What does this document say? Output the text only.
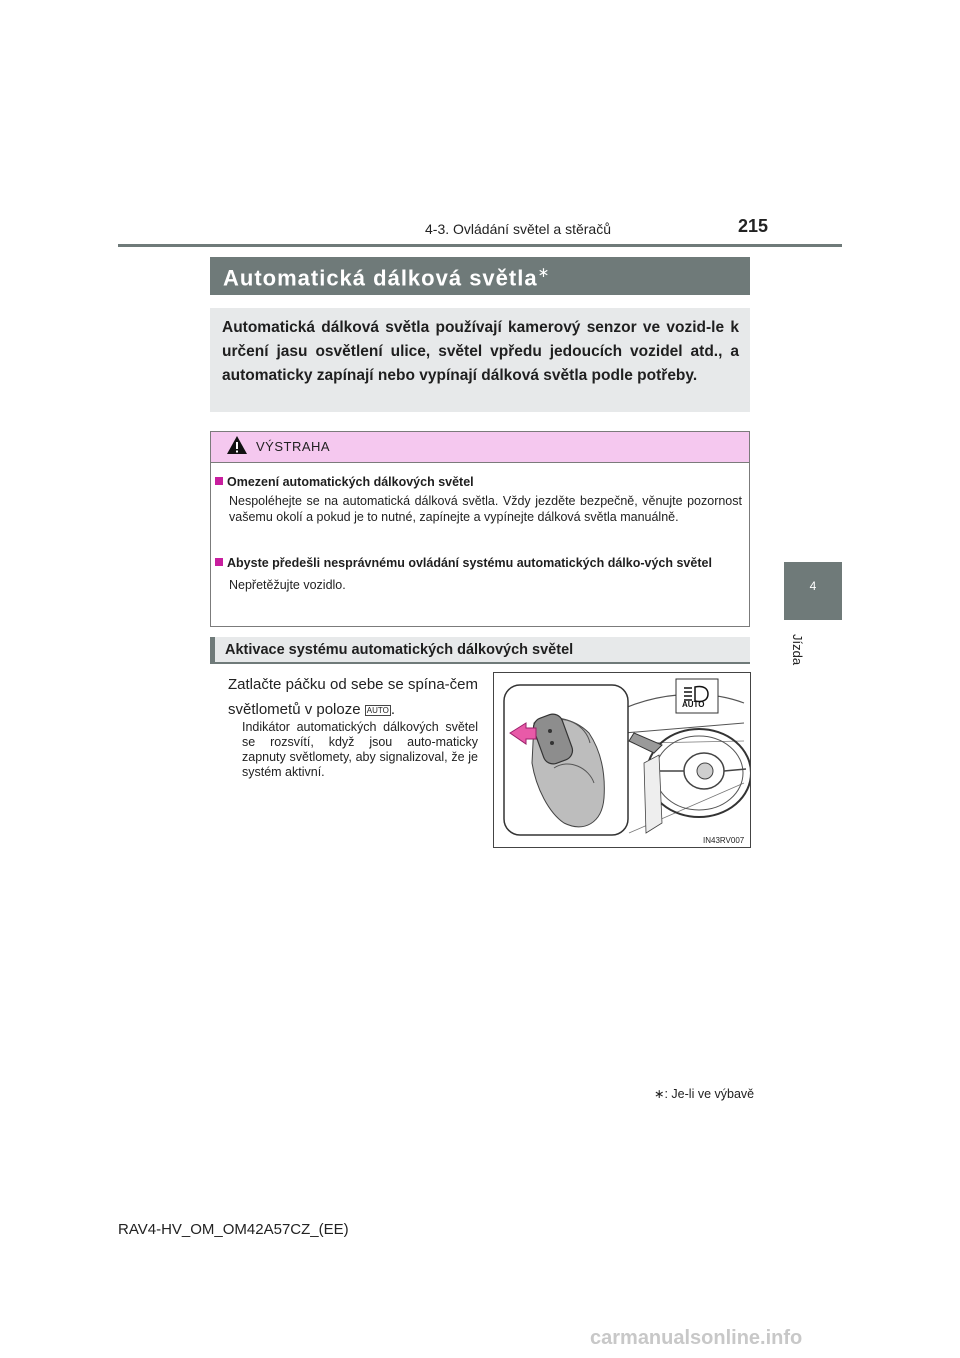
4-3. Ovládání světel a stěračů	215
4
Jízda
Automatická dálková světla∗
Automatická dálková světla používají kamerový senzor ve vozid-le k určení jasu osvětlení ulice, světel vpředu jedoucích vozidel atd., a automaticky zapínají nebo vypínají dálková světla podle potřeby.
VÝSTRAHA
Omezení automatických dálkových světel
Nespoléhejte se na automatická dálková světla. Vždy jezděte bezpečně, věnujte pozornost vašemu okolí a pokud je to nutné, zapínejte a vypínejte dálková světla manuálně.
Abyste předešli nesprávnému ovládání systému automatických dálko-vých světel
Nepřetěžujte vozidlo.
Aktivace systému automatických dálkových světel
Zatlačte páčku od sebe se spína-čem světlometů v poloze AUTO .
Indikátor automatických dálkových světel se rozsvítí, když jsou auto-maticky zapnuty světlomety, aby signalizoval, že je systém aktivní.
AUTO
IN43RV007
∗: Je-li ve výbavě
RAV4-HV_OM_OM42A57CZ_(EE)
carmanualsonline.info
